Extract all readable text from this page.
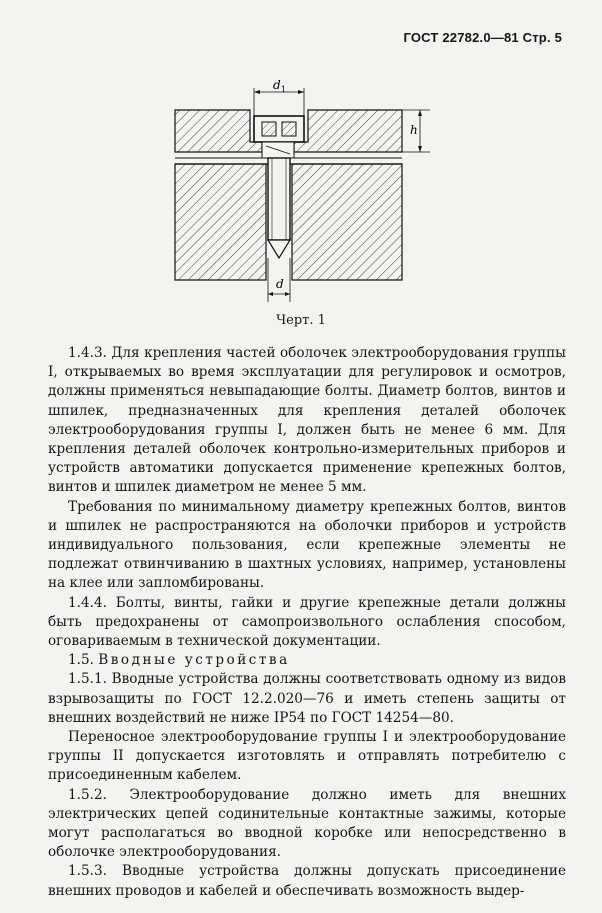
ГОСТ 22782.0—81 Стр. 5
d 1
h
d
Черт. 1

1.4.3. Для крепления частей оболочек электрооборудования группы I, открываемых во время эксплуатации для регулировок и осмотров, должны применяться невыпадающие болты. Диаметр болтов, винтов и шпилек, предназначенных для крепления деталей оболочек электрооборудования группы I, должен быть не менее 6 мм. Для крепления деталей оболочек контрольно-измерительных приборов и устройств автоматики допускается применение крепежных болтов, винтов и шпилек диаметром не менее 5 мм.

Требования по минимальному диаметру крепежных болтов, винтов и шпилек не распространяются на оболочки приборов и устройств индивидуального пользования, если крепежные элементы не подлежат отвинчиванию в шахтных условиях, например, установлены на клее или запломбированы.

1.4.4. Болты, винты, гайки и другие крепежные детали должны быть предохранены от самопроизвольного ослабления способом, оговариваемым в технической документации.

1.5. Вводные устройства

1.5.1. Вводные устройства должны соответствовать одному из видов взрывозащиты по ГОСТ 12.2.020—76 и иметь степень защиты от внешних воздействий не ниже IP54 по ГОСТ 14254—80.

Переносное электрооборудование группы I и электрооборудование группы II допускается изготовлять и отправлять потребителю с присоединенным кабелем.

1.5.2. Электрооборудование должно иметь для внешних электрических цепей содинительные контактные зажимы, которые могут располагаться во вводной коробке или непосредственно в оболочке электрооборудования.

1.5.3. Вводные устройства должны допускать присоединение внешних проводов и кабелей и обеспечивать возможность выдер-
